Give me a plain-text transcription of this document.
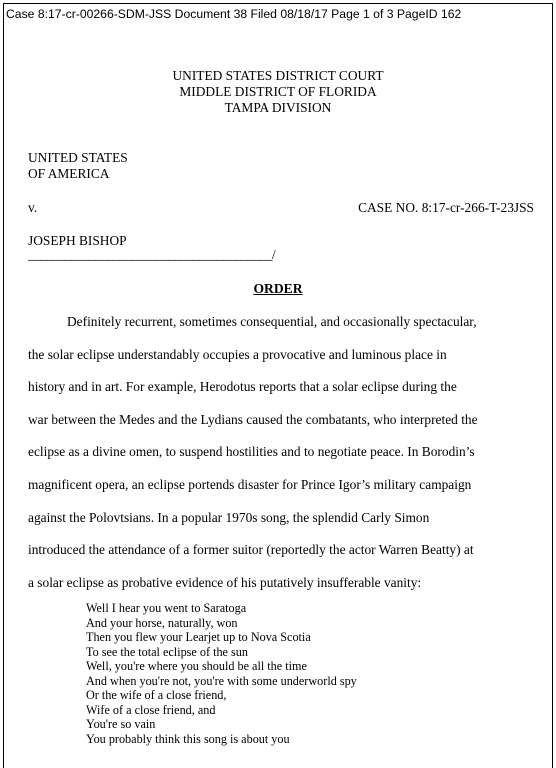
Case 8:17-cr-00266-SDM-JSS Document 38 Filed 08/18/17 Page 1 of 3 PageID 162
UNITED STATES DISTRICT COURT
MIDDLE DISTRICT OF FLORIDA
TAMPA DIVISION
UNITED STATES
OF AMERICA
v.	CASE NO. 8:17-cr-266-T-23JSS
JOSEPH BISHOP
________________________________________/
ORDER
Definitely recurrent, sometimes consequential, and occasionally spectacular,
the solar eclipse understandably occupies a provocative and luminous place in
history and in art. For example, Herodotus reports that a solar eclipse during the
war between the Medes and the Lydians caused the combatants, who interpreted the
eclipse as a divine omen, to suspend hostilities and to negotiate peace. In Borodin’s
magnificent opera, an eclipse portends disaster for Prince Igor’s military campaign
against the Polovtsians. In a popular 1970s song, the splendid Carly Simon
introduced the attendance of a former suitor (reportedly the actor Warren Beatty) at
a solar eclipse as probative evidence of his putatively insufferable vanity:
Well I hear you went to Saratoga
And your horse, naturally, won
Then you flew your Learjet up to Nova Scotia
To see the total eclipse of the sun
Well, you're where you should be all the time
And when you're not, you're with some underworld spy
Or the wife of a close friend,
Wife of a close friend, and
You're so vain
You probably think this song is about you
